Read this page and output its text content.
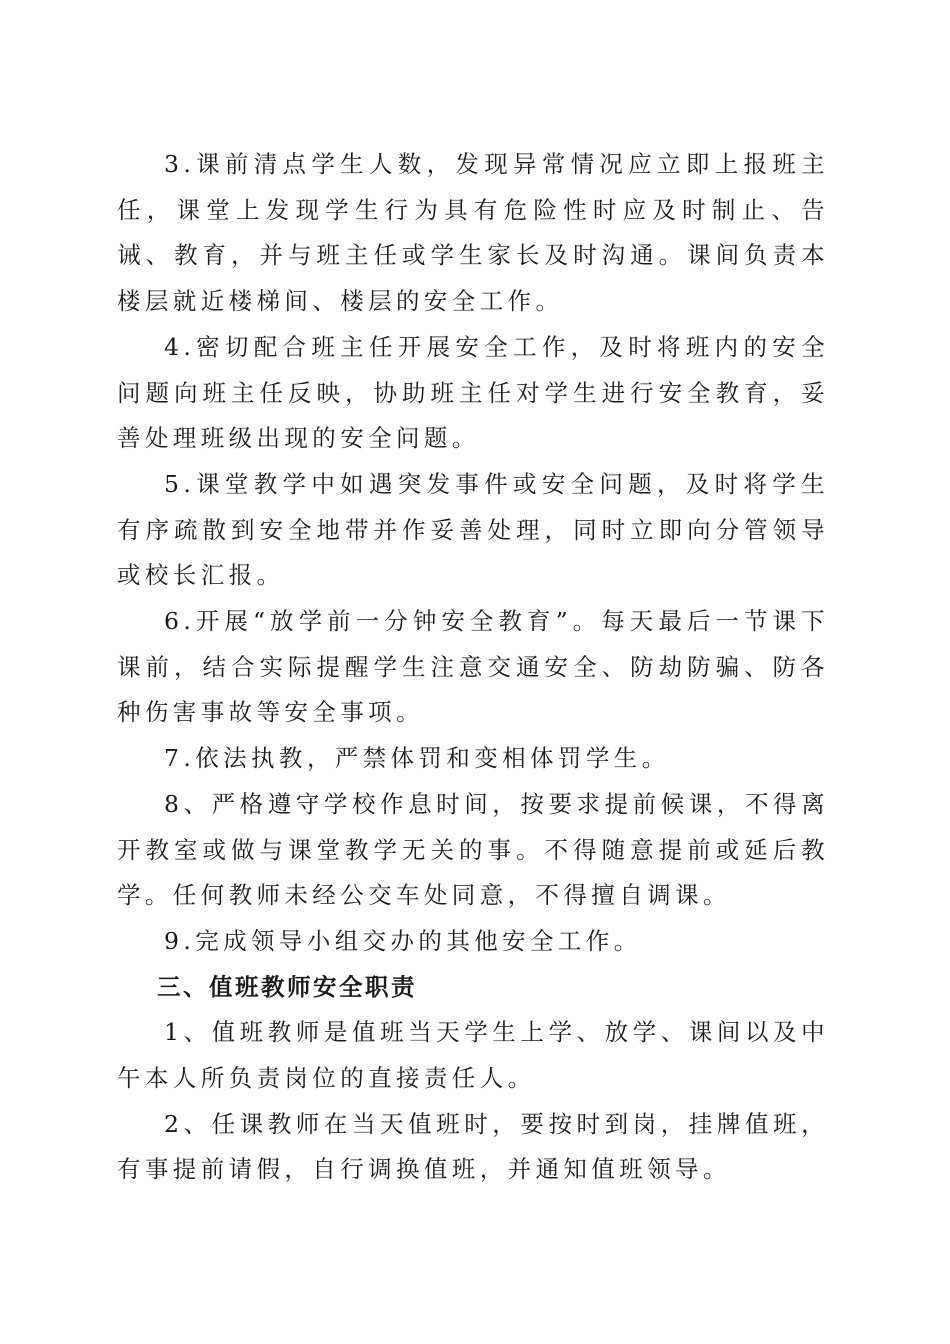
3.课前清点学生人数，发现异常情况应立即上报班主任，课堂上发现学生行为具有危险性时应及时制止、告诫、教育，并与班主任或学生家长及时沟通。课间负责本楼层就近楼梯间、楼层的安全工作。

4.密切配合班主任开展安全工作，及时将班内的安全问题向班主任反映，协助班主任对学生进行安全教育，妥善处理班级出现的安全问题。

5.课堂教学中如遇突发事件或安全问题，及时将学生有序疏散到安全地带并作妥善处理，同时立即向分管领导或校长汇报。

6.开展“放学前一分钟安全教育”。每天最后一节课下课前，结合实际提醒学生注意交通安全、防劫防骗、防各种伤害事故等安全事项。

7.依法执教，严禁体罚和变相体罚学生。

8、严格遵守学校作息时间，按要求提前候课，不得离开教室或做与课堂教学无关的事。不得随意提前或延后教学。任何教师未经公交车处同意，不得擅自调课。

9.完成领导小组交办的其他安全工作。

三、值班教师安全职责

1、值班教师是值班当天学生上学、放学、课间以及中午本人所负责岗位的直接责任人。

2、任课教师在当天值班时，要按时到岗，挂牌值班，有事提前请假，自行调换值班，并通知值班领导。
